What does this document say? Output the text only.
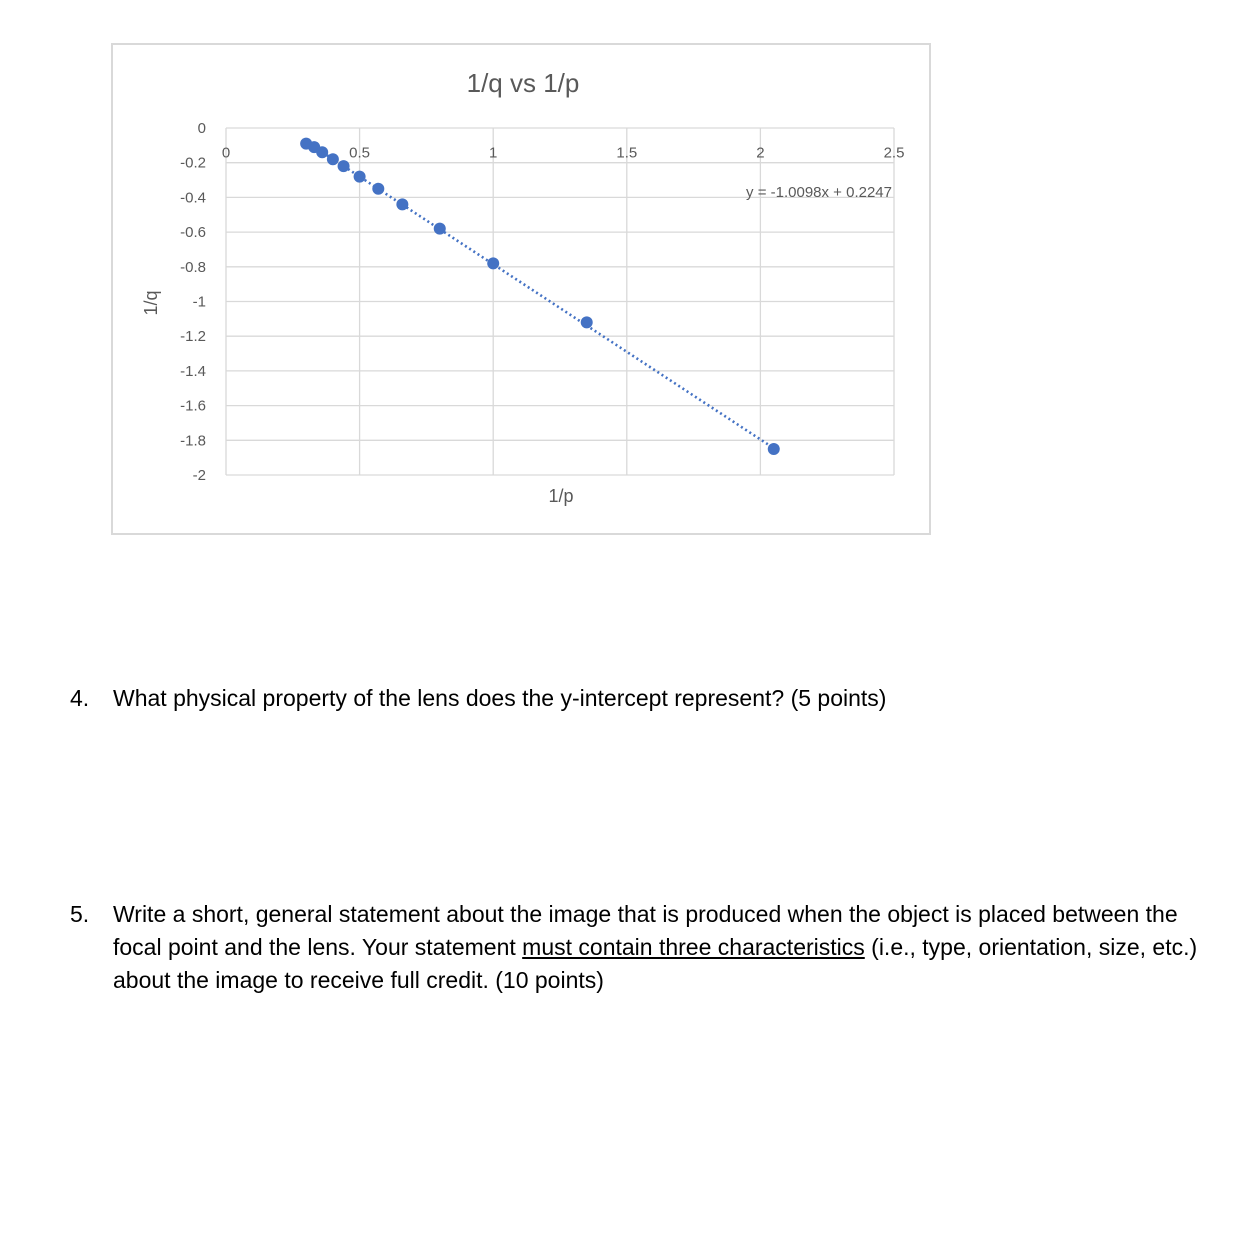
0
-0.2
-0.4
-0.6
-0.8
-1
-1.2
-1.4
-1.6
-1.8
-2
0	0.5	1	1.5	2	2.5
1/q vs 1/p
1/p
1/q
y = -1.0098x + 0.2247
4. What physical property of the lens does the y-intercept represent? (5 points)
5. Write a short, general statement about the image that is produced when the object is placed between the focal point and the lens. Your statement must contain three characteristics (i.e., type, orientation, size, etc.) about the image to receive full credit. (10 points)
